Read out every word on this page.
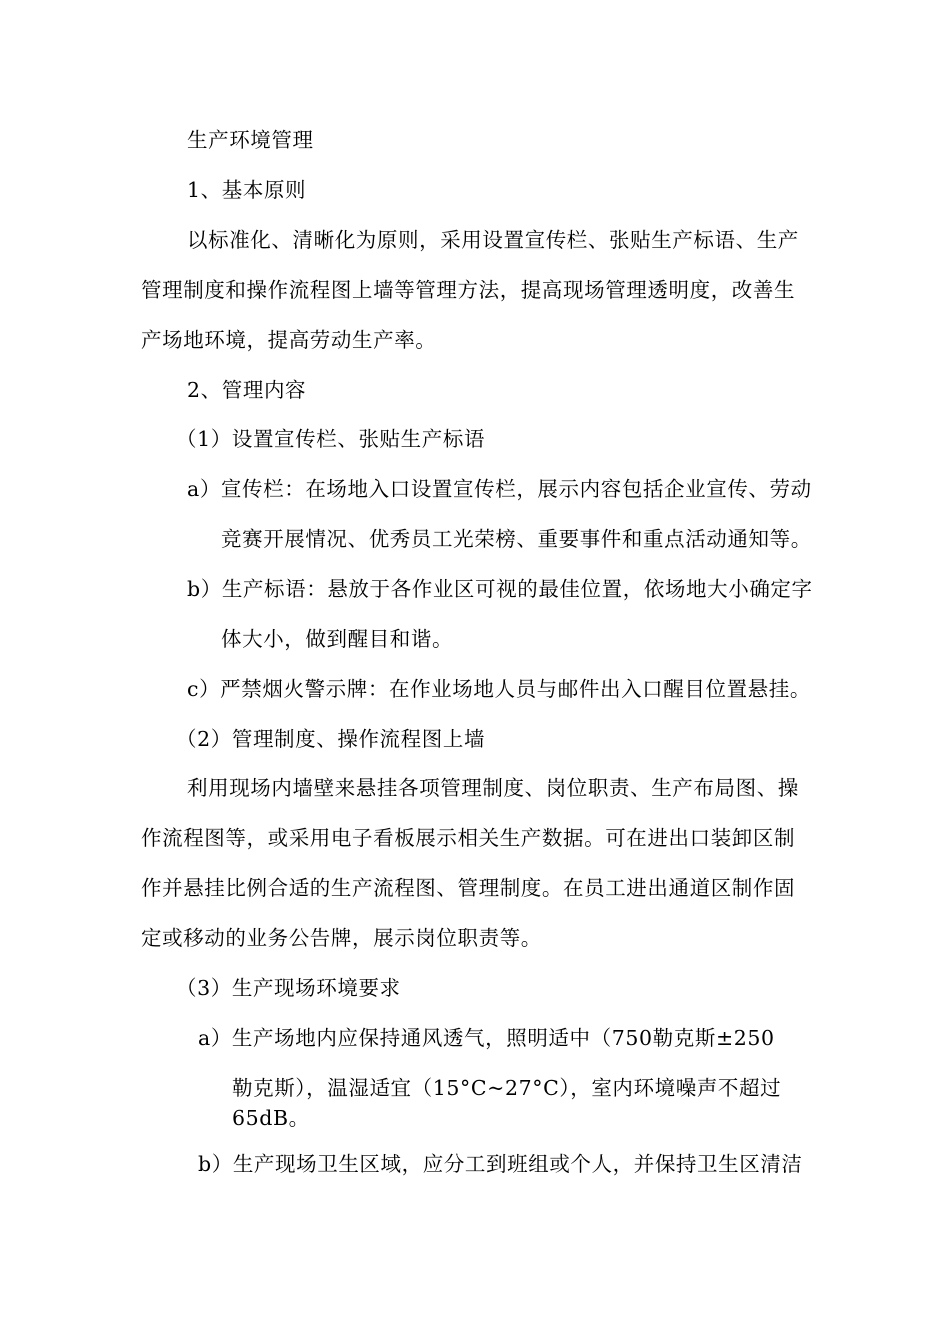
生产环境管理
1、基本原则
以标准化、清晰化为原则，采用设置宣传栏、张贴生产标语、生产
管理制度和操作流程图上墙等管理方法，提高现场管理透明度，改善生
产场地环境，提高劳动生产率。
2、管理内容
（1）设置宣传栏、张贴生产标语
a）宣传栏：在场地入口设置宣传栏，展示内容包括企业宣传、劳动
竞赛开展情况、优秀员工光荣榜、重要事件和重点活动通知等。
b）生产标语：悬放于各作业区可视的最佳位置，依场地大小确定字
体大小，做到醒目和谐。
c）严禁烟火警示牌：在作业场地人员与邮件出入口醒目位置悬挂。
（2）管理制度、操作流程图上墙
利用现场内墙壁来悬挂各项管理制度、岗位职责、生产布局图、操
作流程图等，或采用电子看板展示相关生产数据。可在进出口装卸区制
作并悬挂比例合适的生产流程图、管理制度。在员工进出通道区制作固
定或移动的业务公告牌，展示岗位职责等。
（3）生产现场环境要求
a）生产场地内应保持通风透气，照明适中（750勒克斯±250
勒克斯），温湿适宜（15°C~27°C），室内环境噪声不超过
65dB。
b）生产现场卫生区域，应分工到班组或个人，并保持卫生区清洁
